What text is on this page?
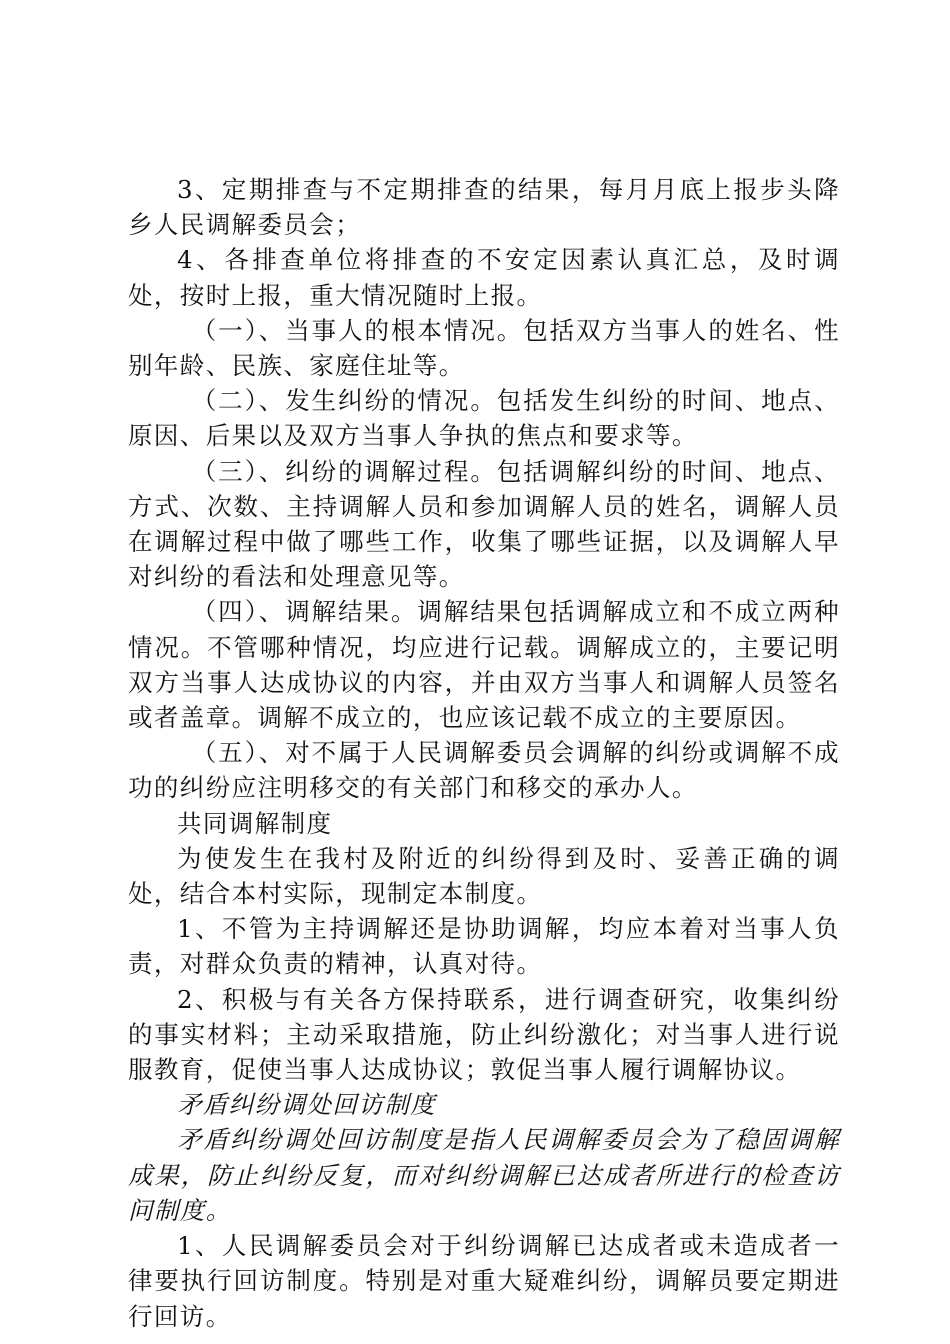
3、定期排查与不定期排查的结果，每月月底上报步头降乡人民调解委员会；

4、各排查单位将排查的不安定因素认真汇总，及时调处，按时上报，重大情况随时上报。

（一）、当事人的根本情况。包括双方当事人的姓名、性别年龄、民族、家庭住址等。

（二）、发生纠纷的情况。包括发生纠纷的时间、地点、原因、后果以及双方当事人争执的焦点和要求等。

（三）、纠纷的调解过程。包括调解纠纷的时间、地点、方式、次数、主持调解人员和参加调解人员的姓名，调解人员在调解过程中做了哪些工作，收集了哪些证据，以及调解人早对纠纷的看法和处理意见等。

（四）、调解结果。调解结果包括调解成立和不成立两种情况。不管哪种情况，均应进行记载。调解成立的，主要记明双方当事人达成协议的内容，并由双方当事人和调解人员签名或者盖章。调解不成立的，也应该记载不成立的主要原因。

（五）、对不属于人民调解委员会调解的纠纷或调解不成功的纠纷应注明移交的有关部门和移交的承办人。

共同调解制度

为使发生在我村及附近的纠纷得到及时、妥善正确的调处，结合本村实际，现制定本制度。

1、不管为主持调解还是协助调解，均应本着对当事人负责，对群众负责的精神，认真对待。

2、积极与有关各方保持联系，进行调查研究，收集纠纷的事实材料；主动采取措施，防止纠纷激化；对当事人进行说服教育，促使当事人达成协议；敦促当事人履行调解协议。

矛盾纠纷调处回访制度

矛盾纠纷调处回访制度是指人民调解委员会为了稳固调解成果，防止纠纷反复，而对纠纷调解已达成者所进行的检查访问制度。

1、人民调解委员会对于纠纷调解已达成者或未造成者一律要执行回访制度。特别是对重大疑难纠纷，调解员要定期进行回访。
